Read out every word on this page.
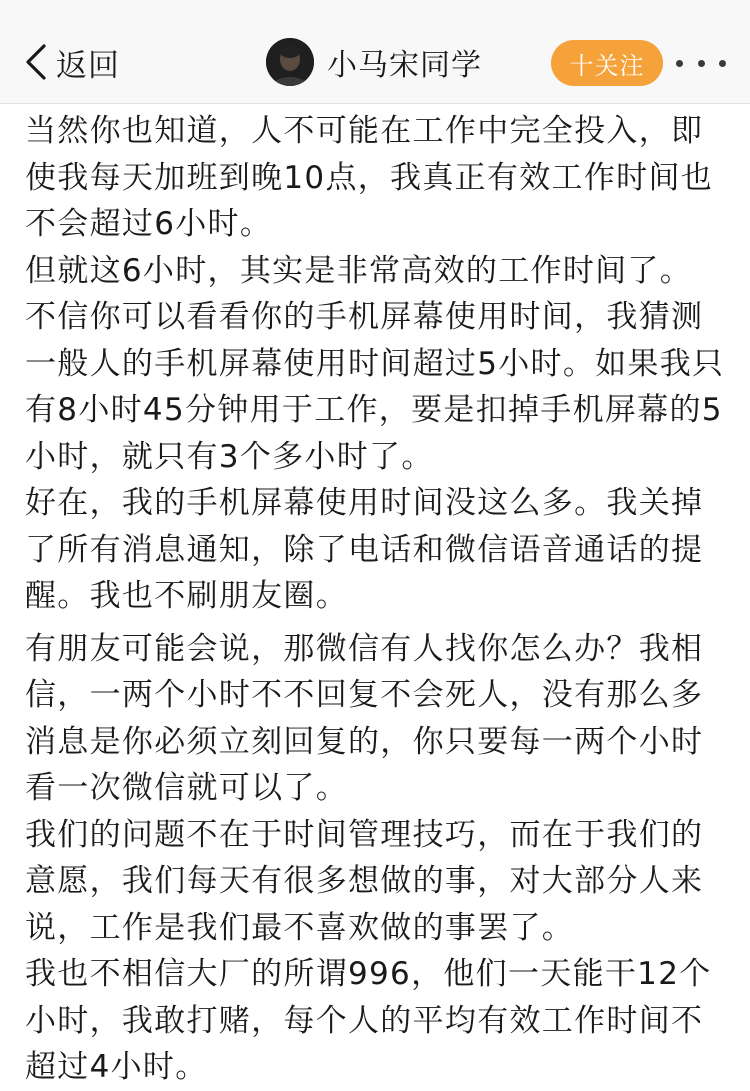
返回	小马宋同学	十关注

当然你也知道，人不可能在工作中完全投入，即使我每天加班到晚10点，我真正有效工作时间也不会超过6小时。

但就这6小时，其实是非常高效的工作时间了。

不信你可以看看你的手机屏幕使用时间，我猜测一般人的手机屏幕使用时间超过5小时。如果我只有8小时45分钟用于工作，要是扣掉手机屏幕的5小时，就只有3个多小时了。

好在，我的手机屏幕使用时间没这么多。我关掉了所有消息通知，除了电话和微信语音通话的提醒。我也不刷朋友圈。

有朋友可能会说，那微信有人找你怎么办？我相信，一两个小时不不回复不会死人，没有那么多消息是你必须立刻回复的，你只要每一两个小时看一次微信就可以了。

我们的问题不在于时间管理技巧，而在于我们的意愿，我们每天有很多想做的事，对大部分人来说，工作是我们最不喜欢做的事罢了。

我也不相信大厂的所谓996，他们一天能干12个小时，我敢打赌，每个人的平均有效工作时间不超过4小时。
